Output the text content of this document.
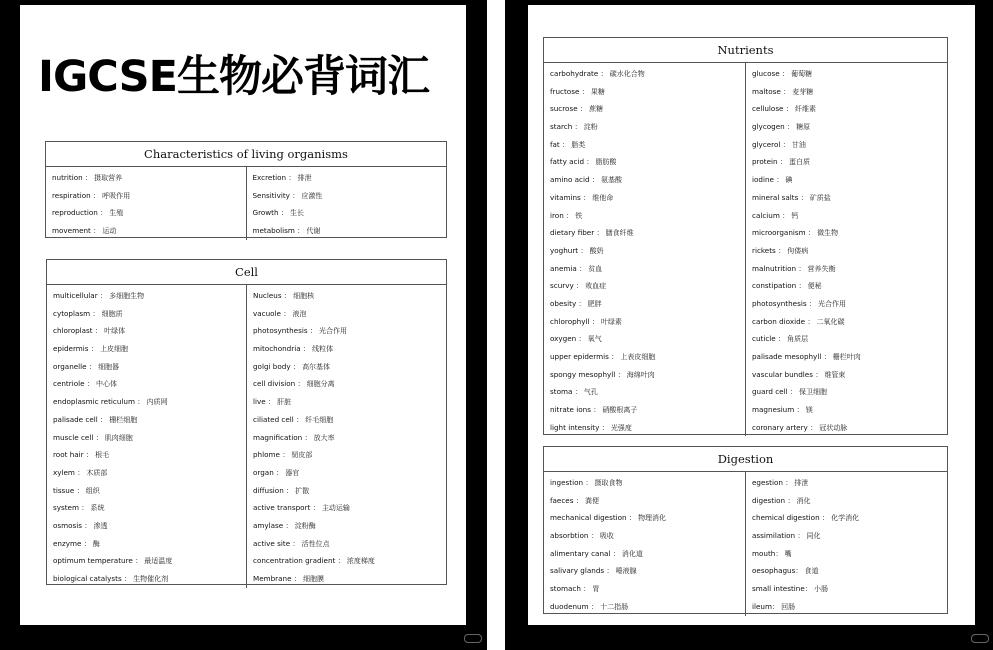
IGCSE生物必背词汇
Characteristics of living organisms
nutrition ： 摄取营养
respiration ： 呼吸作用
reproduction ： 生殖
movement ： 运动
Excretion ： 排泄
Sensitivity ： 应激性
Growth ： 生长
metabolism ： 代谢
Cell
multicellular ： 多细胞生物
cytoplasm ： 细胞质
chloroplast ： 叶绿体
epidermis ： 上皮细胞
organelle ： 细胞器
centriole ： 中心体
endoplasmic reticulum ： 内质网
palisade cell ： 栅栏细胞
muscle cell ： 肌肉细胞
root hair ： 根毛
xylem ： 木质部
tissue ： 组织
system ： 系统
osmosis ： 渗透
enzyme ： 酶
optimum temperature ： 最适温度
biological catalysts ： 生物催化剂
Nucleus ： 细胞核
vacuole ： 液泡
photosynthesis ： 光合作用
mitochondria ： 线粒体
golgi body ： 高尔基体
cell division ： 细胞分离
live ： 肝脏
ciliated cell ： 纤毛细胞
magnification ： 放大率
phlome ： 韧皮部
organ ： 器官
diffusion ： 扩散
active transport ： 主动运输
amylase ： 淀粉酶
active site ： 活性位点
concentration gradient ： 浓度梯度
Membrane ： 细胞膜
Nutrients
carbohydrate ： 碳水化合物
fructose ： 果糖
sucrose ： 蔗糖
starch ： 淀粉
fat ： 脂类
fatty acid ： 脂肪酸
amino acid ： 氨基酸
vitamins ： 维他命
iron ： 铁
dietary fiber ： 膳食纤维
yoghurt ： 酸奶
anemia ： 贫血
scurvy ： 败血症
obesity ： 肥胖
chlorophyll ： 叶绿素
oxygen ： 氧气
upper epidermis ： 上表皮细胞
spongy mesophyll ： 海绵叶肉
stoma ： 气孔
nitrate ions ： 硝酸根离子
light intensity ： 光强度
glucose ： 葡萄糖
maltose ： 麦芽糖
cellulose ： 纤维素
glycogen ： 糖原
glycerol ： 甘油
protein ： 蛋白质
iodine ： 碘
mineral salts ： 矿质盐
calcium ： 钙
microorganism ： 微生物
rickets ： 佝偻病
malnutrition ： 营养失衡
constipation ： 便秘
photosynthesis ： 光合作用
carbon dioxide ： 二氧化碳
cuticle ： 角质层
palisade mesophyll ： 栅栏叶肉
vascular bundles ： 维管束
guard cell ： 保卫细胞
magnesium ： 镁
coronary artery ： 冠状动脉
Digestion
ingestion ： 摄取食物
faeces ： 粪便
mechanical digestion ： 物理消化
absorbtion ： 吸收
alimentary canal ： 消化道
salivary glands ： 唾液腺
stomach ： 胃
duodenum ： 十二指肠
egestion ： 排泄
digestion ： 消化
chemical digestion ： 化学消化
assimilation ： 同化
mouth： 嘴
oesophagus： 食道
small intestine： 小肠
ileum： 回肠
